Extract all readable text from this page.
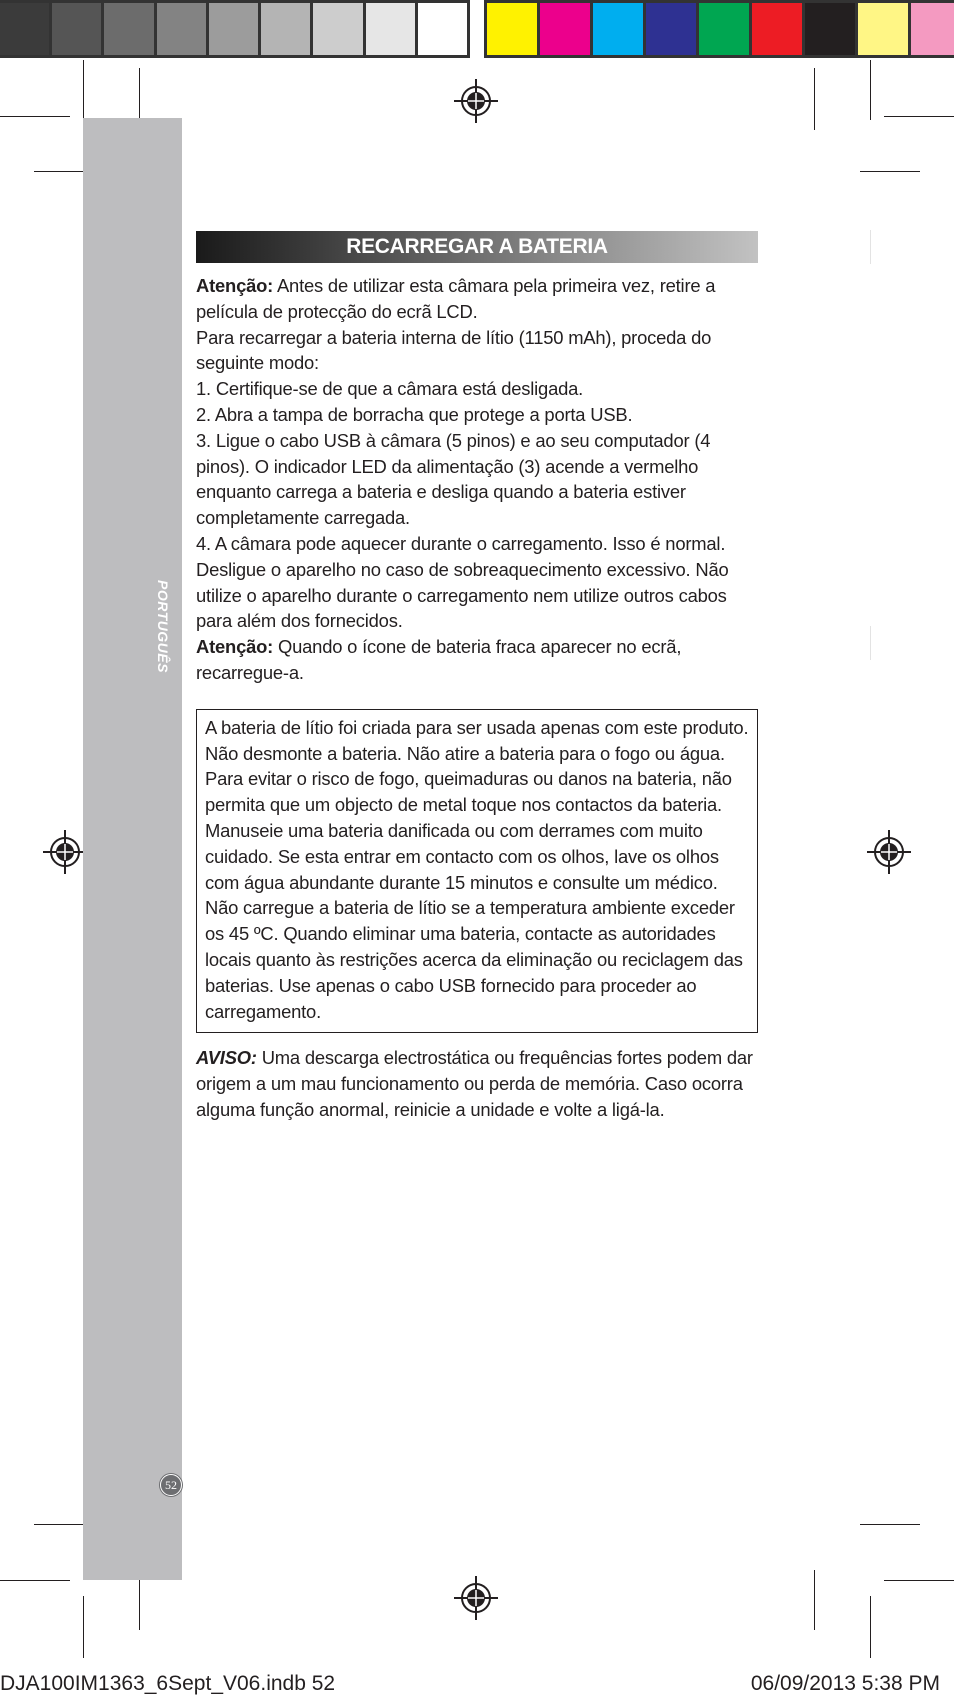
PORTUGUÊS
52
RECARREGAR A BATERIA

Atenção: Antes de utilizar esta câmara pela primeira vez, retire a película de protecção do ecrã LCD.

Para recarregar a bateria interna de lítio (1150 mAh), proceda do seguinte modo:

1. Certifique-se de que a câmara está desligada.

2. Abra a tampa de borracha que protege a porta USB.

3. Ligue o cabo USB à câmara (5 pinos) e ao seu computador (4 pinos). O indicador LED da alimentação (3) acende a vermelho enquanto carrega a bateria e desliga quando a bateria estiver completamente carregada.

4. A câmara pode aquecer durante o carregamento. Isso é normal. Desligue o aparelho no caso de sobreaquecimento excessivo. Não utilize o aparelho durante o carregamento nem utilize outros cabos para além dos fornecidos.

Atenção: Quando o ícone de bateria fraca aparecer no ecrã, recarregue-a.

A bateria de lítio foi criada para ser usada apenas com este produto. Não desmonte a bateria. Não atire a bateria para o fogo ou água. Para evitar o risco de fogo, queimaduras ou danos na bateria, não permita que um objecto de metal toque nos contactos da bateria. Manuseie uma bateria danificada ou com derrames com muito cuidado. Se esta entrar em contacto com os olhos, lave os olhos com água abundante durante 15 minutos e consulte um médico. Não carregue a bateria de lítio se a temperatura ambiente exceder os 45 ºC. Quando eliminar uma bateria, contacte as autoridades locais quanto às restrições acerca da eliminação ou reciclagem das baterias. Use apenas o cabo USB fornecido para proceder ao carregamento.

AVISO: Uma descarga electrostática ou frequências fortes podem dar origem a um mau funcionamento ou perda de memória. Caso ocorra alguma função anormal, reinicie a unidade e volte a ligá-la.

DJA100IM1363_6Sept_V06.indb 52	06/09/2013 5:38 PM
